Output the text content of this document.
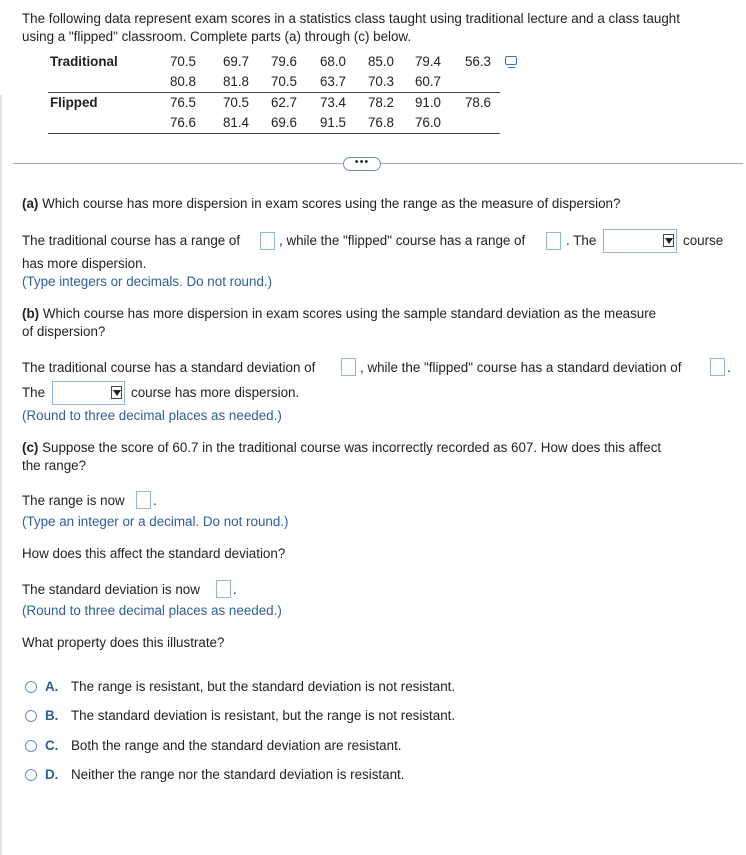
The following data represent exam scores in a statistics class taught using traditional lecture and a class taught
using a "flipped" classroom. Complete parts (a) through (c) below.
Traditional	70.5 69.7 79.6 68.0 85.0 79.4 56.3
80.8 81.8 70.5 63.7 70.3 60.7
Flipped	76.5 70.5 62.7 73.4 78.2 91.0 78.6
76.6 81.4 69.6 91.5 76.8 76.0
•••
(a) Which course has more dispersion in exam scores using the range as the measure of dispersion?
The traditional course has a range of	, while the "flipped" course has a range of	. The	course
has more dispersion.
(Type integers or decimals. Do not round.)
(b) Which course has more dispersion in exam scores using the sample standard deviation as the measure
of dispersion?
The traditional course has a standard deviation of	, while the "flipped" course has a standard deviation of	.
The	course has more dispersion.
(Round to three decimal places as needed.)
(c) Suppose the score of 60.7 in the traditional course was incorrectly recorded as 607. How does this affect
the range?
The range is now .
(Type an integer or a decimal. Do not round.)
How does this affect the standard deviation?
The standard deviation is now .
(Round to three decimal places as needed.)
What property does this illustrate?
A. The range is resistant, but the standard deviation is not resistant.
B. The standard deviation is resistant, but the range is not resistant.
C. Both the range and the standard deviation are resistant.
D. Neither the range nor the standard deviation is resistant.
